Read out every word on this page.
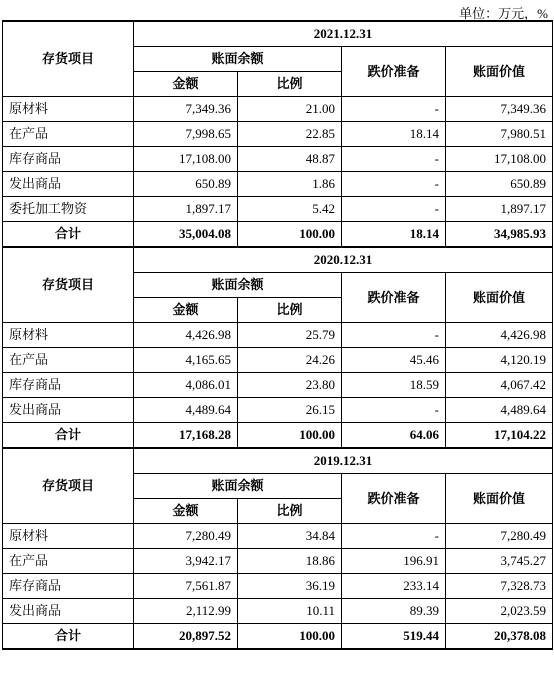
单位：万元，%
存货项目	2021.12.31			
	账面余额		跌价准备	账面价值
	金额	比例		
原材料	7,349.36	21.00	-	7,349.36
在产品	7,998.65	22.85	18.14	7,980.51
库存商品	17,108.00	48.87	-	17,108.00
发出商品	650.89	1.86	-	650.89
委托加工物资	1,897.17	5.42	-	1,897.17
合计	35,004.08	100.00	18.14	34,985.93
存货项目	2020.12.31			
	账面余额		跌价准备	账面价值
	金额	比例		
原材料	4,426.98	25.79	-	4,426.98
在产品	4,165.65	24.26	45.46	4,120.19
库存商品	4,086.01	23.80	18.59	4,067.42
发出商品	4,489.64	26.15	-	4,489.64
合计	17,168.28	100.00	64.06	17,104.22
存货项目	2019.12.31			
	账面余额		跌价准备	账面价值
	金额	比例		
原材料	7,280.49	34.84	-	7,280.49
在产品	3,942.17	18.86	196.91	3,745.27
库存商品	7,561.87	36.19	233.14	7,328.73
发出商品	2,112.99	10.11	89.39	2,023.59
合计	20,897.52	100.00	519.44	20,378.08
